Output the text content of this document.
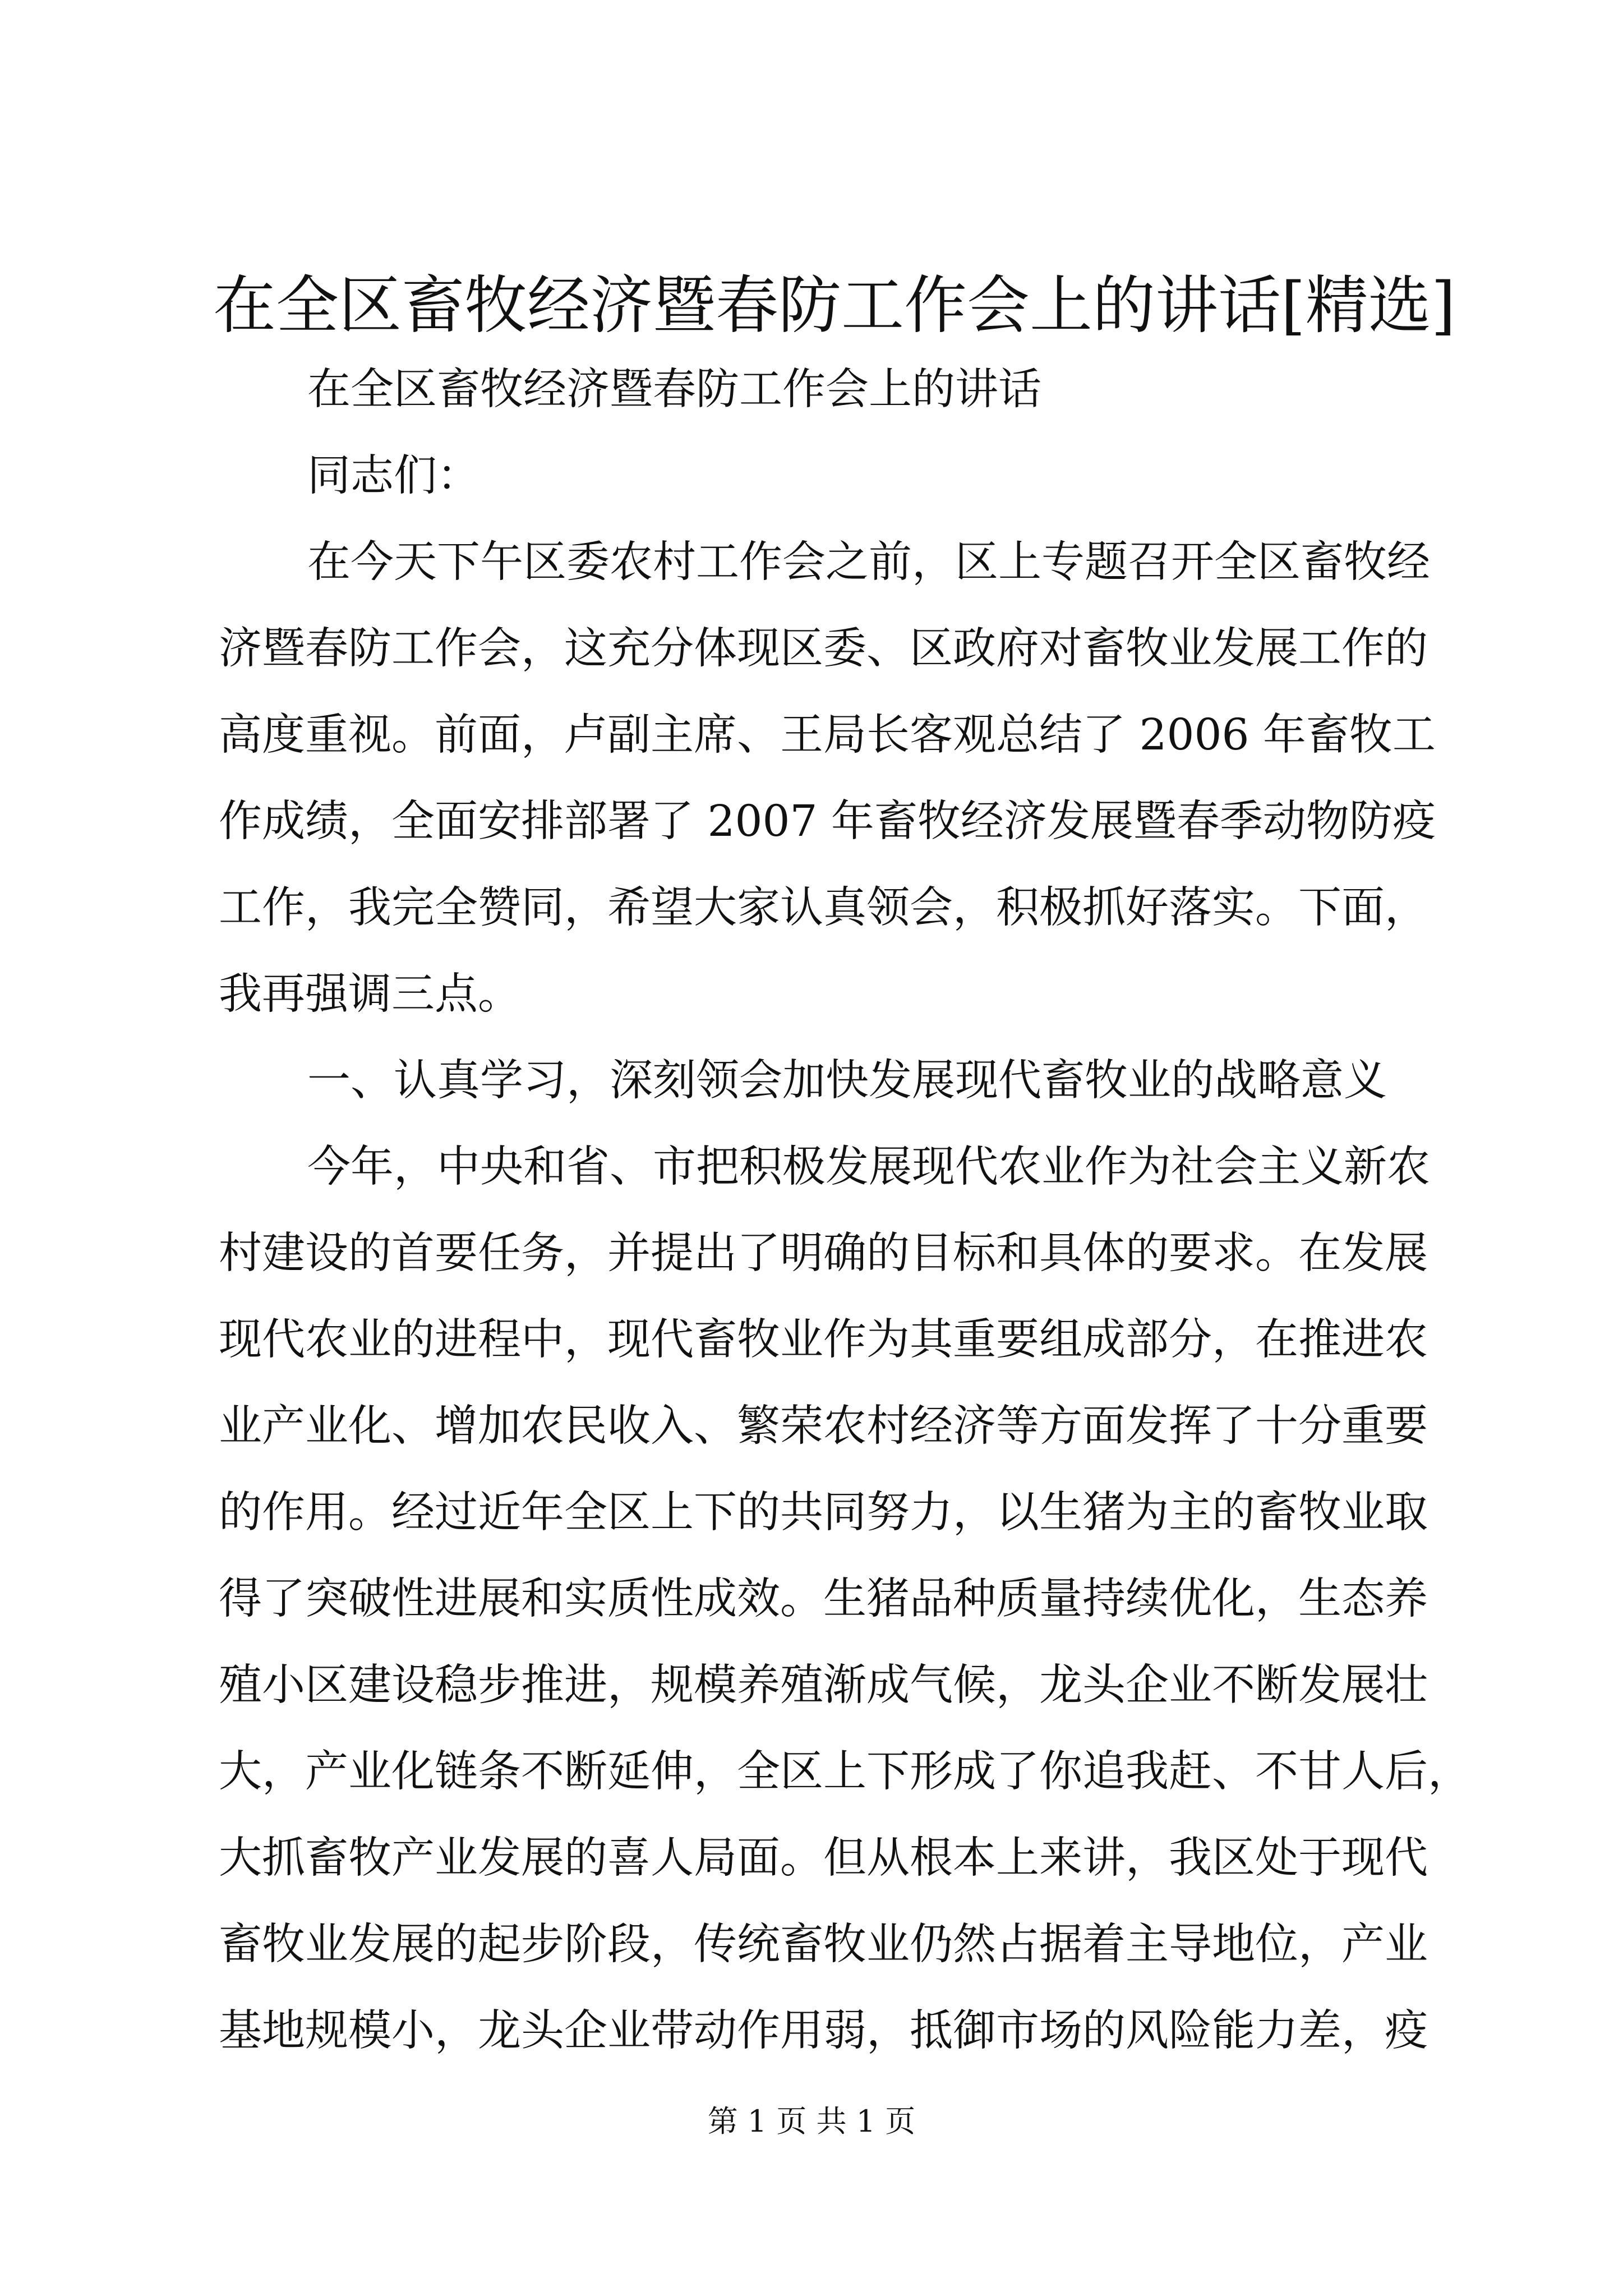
在全区畜牧经济暨春防工作会上的讲话[精选]
在全区畜牧经济暨春防工作会上的讲话
同志们：
在今天下午区委农村工作会之前，区上专题召开全区畜牧经
济暨春防工作会，这充分体现区委、区政府对畜牧业发展工作的
高度重视。前面，卢副主席、王局长客观总结了 2006 年畜牧工
作成绩，全面安排部署了 2007 年畜牧经济发展暨春季动物防疫
工作，我完全赞同，希望大家认真领会，积极抓好落实。下面，
我再强调三点。
一、认真学习，深刻领会加快发展现代畜牧业的战略意义
今年，中央和省、市把积极发展现代农业作为社会主义新农
村建设的首要任务，并提出了明确的目标和具体的要求。在发展
现代农业的进程中，现代畜牧业作为其重要组成部分，在推进农
业产业化、增加农民收入、繁荣农村经济等方面发挥了十分重要
的作用。经过近年全区上下的共同努力，以生猪为主的畜牧业取
得了突破性进展和实质性成效。生猪品种质量持续优化，生态养
殖小区建设稳步推进，规模养殖渐成气候，龙头企业不断发展壮
大，产业化链条不断延伸，全区上下形成了你追我赶、不甘人后，
大抓畜牧产业发展的喜人局面。但从根本上来讲，我区处于现代
畜牧业发展的起步阶段，传统畜牧业仍然占据着主导地位，产业
基地规模小，龙头企业带动作用弱，抵御市场的风险能力差，疫
第 1 页 共 1 页
